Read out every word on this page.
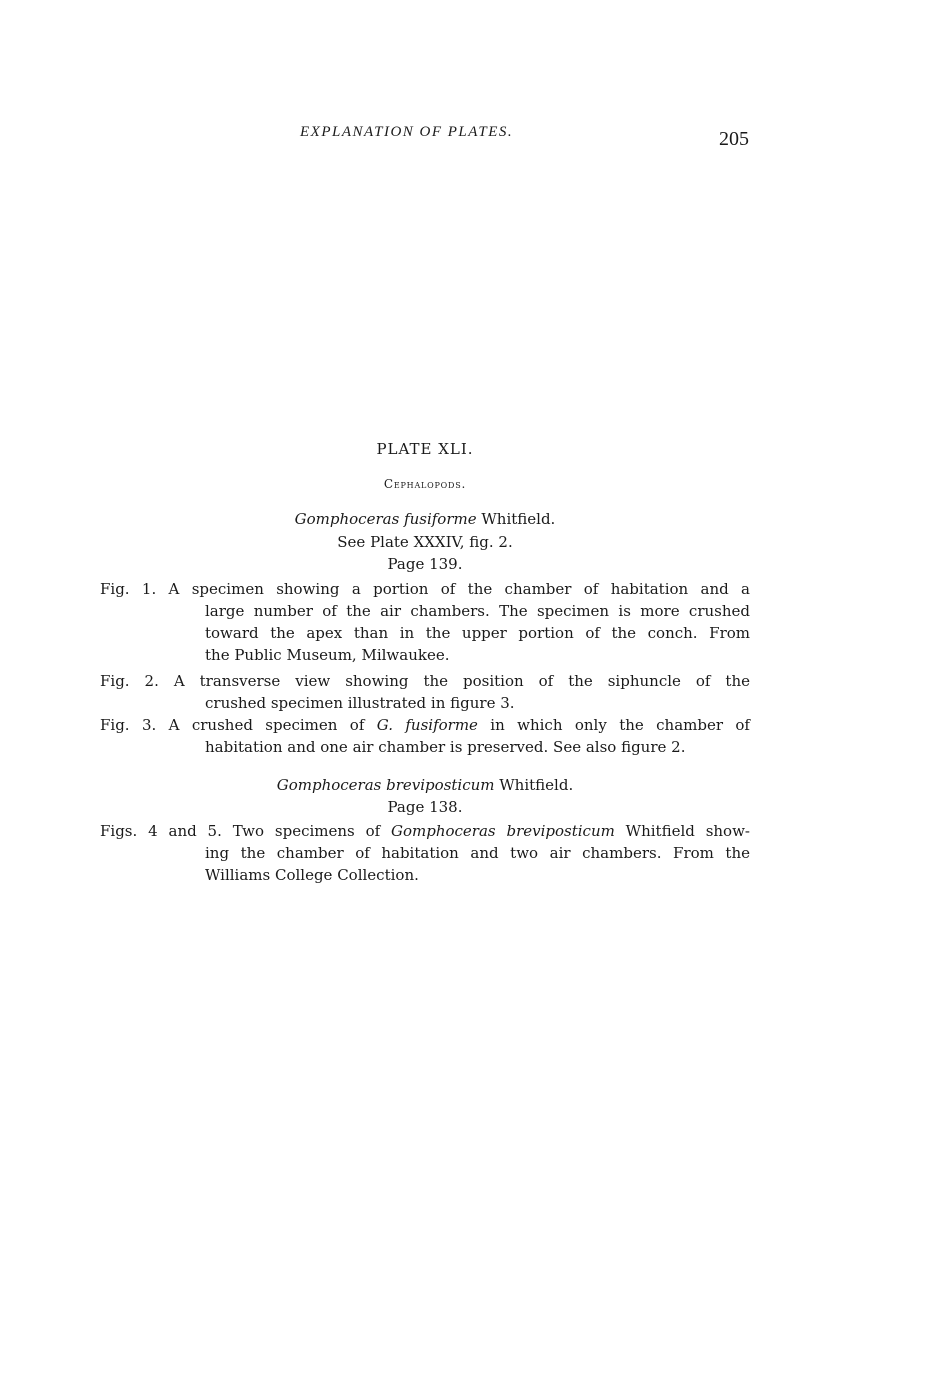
EXPLANATION OF PLATES.	205
PLATE XLI.
Cephalopods.
Gomphoceras fusiforme Whitfield.
See Plate XXXIV, fig. 2.
Page 139.
Fig. 1. A specimen showing a portion of the chamber of habitation and a
large number of the air chambers. The specimen is more crushed
toward the apex than in the upper portion of the conch. From
the Public Museum, Milwaukee.
Fig. 2. A transverse view showing the position of the siphuncle of the
crushed specimen illustrated in figure 3.
Fig. 3. A crushed specimen of G. fusiforme in which only the chamber of
habitation and one air chamber is preserved. See also figure 2.
Gomphoceras breviposticum Whitfield.
Page 138.
Figs. 4 and 5. Two specimens of Gomphoceras breviposticum Whitfield show-
ing the chamber of habitation and two air chambers. From the
Williams College Collection.
